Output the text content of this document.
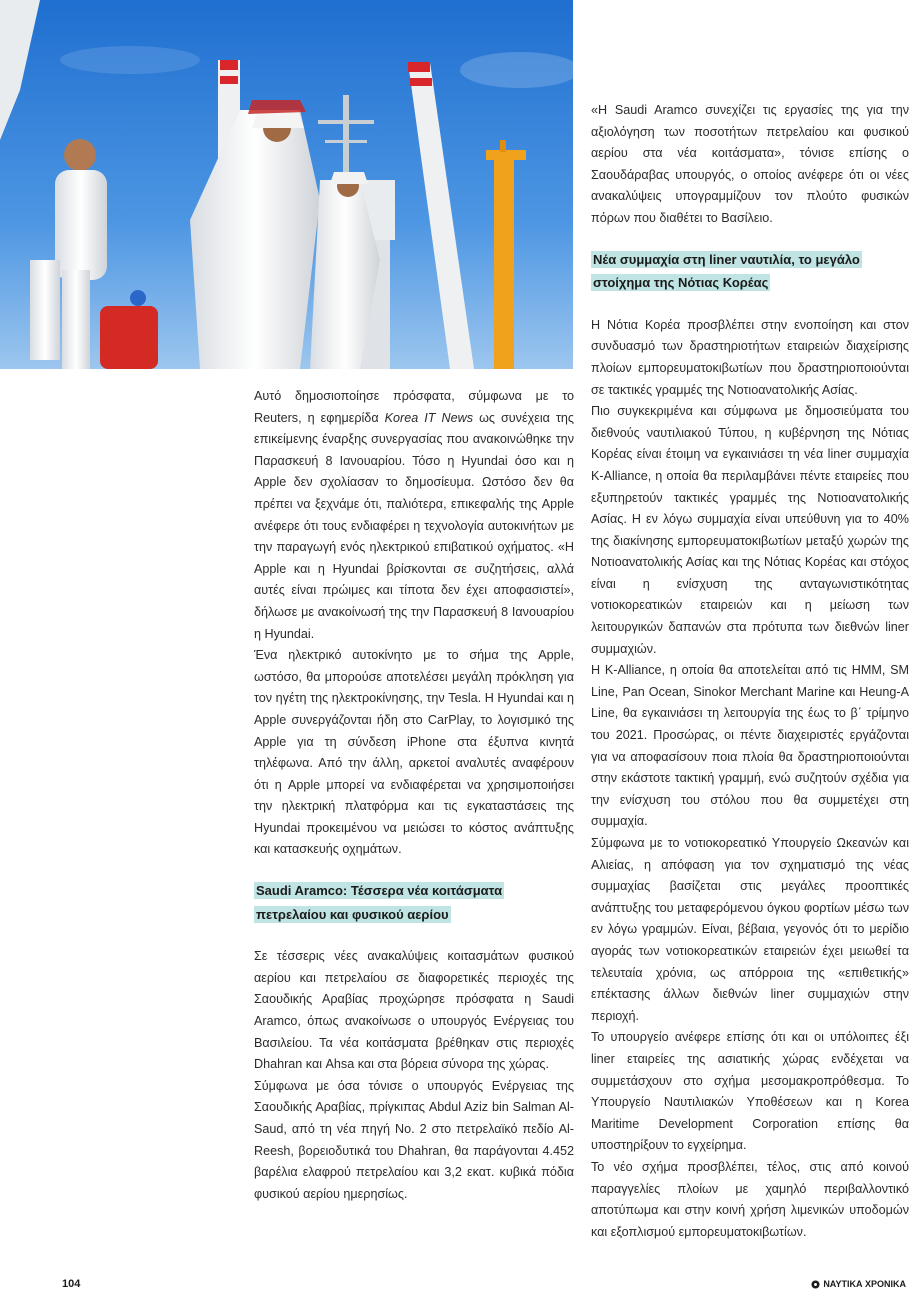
Αυτό δημοσιοποίησε πρόσφατα, σύμφωνα με το Reuters, η εφημερίδα Korea IT News ως συνέχεια της επικείμενης έναρξης συνεργασίας που ανακοινώθηκε την Παρασκευή 8 Ιανουαρίου. Τόσο η Hyundai όσο και η Apple δεν σχολίασαν το δημοσίευμα. Ωστόσο δεν θα πρέπει να ξεχνάμε ότι, παλιότερα, επικεφαλής της Apple ανέφερε ότι τους ενδιαφέρει η τεχνολογία αυτοκινήτων με την παραγωγή ενός ηλεκτρικού επιβατικού οχήματος. «Η Apple και η Hyundai βρίσκονται σε συζητήσεις, αλλά αυτές είναι πρώιμες και τίποτα δεν έχει αποφασιστεί», δήλωσε με ανακοίνωσή της την Παρασκευή 8 Ιανουαρίου η Hyundai.

Ένα ηλεκτρικό αυτοκίνητο με το σήμα της Apple, ωστόσο, θα μπορούσε αποτελέσει μεγάλη πρόκληση για τον ηγέτη της ηλεκτροκίνησης, την Tesla. Η Hyundai και η Apple συνεργάζονται ήδη στο CarPlay, το λογισμικό της Apple για τη σύνδεση iPhone στα έξυπνα κινητά τηλέφωνα. Από την άλλη, αρκετοί αναλυτές αναφέρουν ότι η Apple μπορεί να ενδιαφέρεται να χρησιμοποιήσει την ηλεκτρική πλατφόρμα και τις εγκαταστάσεις της Hyundai προκειμένου να μειώσει το κόστος ανάπτυξης και κατασκευής οχημάτων.

Saudi Aramco: Τέσσερα νέα κοιτάσματα πετρελαίου και φυσικού αερίου

Σε τέσσερις νέες ανακαλύψεις κοιτασμάτων φυσικού αερίου και πετρελαίου σε διαφορετικές περιοχές της Σαουδικής Αραβίας προχώρησε πρόσφατα η Saudi Aramco, όπως ανακοίνωσε ο υπουργός Ενέργειας του Βασιλείου. Τα νέα κοιτάσματα βρέθηκαν στις περιοχές Dhahran και Ahsa και στα βόρεια σύνορα της χώρας.

Σύμφωνα με όσα τόνισε ο υπουργός Ενέργειας της Σαουδικής Αραβίας, πρίγκιπας Abdul Aziz bin Salman Al-Saud, από τη νέα πηγή No. 2 στο πετρελαϊκό πεδίο Al-Reesh, βορειοδυτικά του Dhahran, θα παράγονται 4.452 βαρέλια ελαφρού πετρελαίου και 3,2 εκατ. κυβικά πόδια φυσικού αερίου ημερησίως.

«Η Saudi Aramco συνεχίζει τις εργασίες της για την αξιολόγηση των ποσοτήτων πετρελαίου και φυσικού αερίου στα νέα κοιτάσματα», τόνισε επίσης ο Σαουδάραβας υπουργός, ο οποίος ανέφερε ότι οι νέες ανακαλύψεις υπογραμμίζουν τον πλούτο φυσικών πόρων που διαθέτει το Βασίλειο.

Νέα συμμαχία στη liner ναυτιλία, το μεγάλο στοίχημα της Νότιας Κορέας

Η Νότια Κορέα προσβλέπει στην ενοποίηση και στον συνδυασμό των δραστηριοτήτων εταιρειών διαχείρισης πλοίων εμπορευματοκιβωτίων που δραστηριοποιούνται σε τακτικές γραμμές της Νοτιοανατολικής Ασίας.

Πιο συγκεκριμένα και σύμφωνα με δημοσιεύματα του διεθνούς ναυτιλιακού Τύπου, η κυβέρνηση της Νότιας Κορέας είναι έτοιμη να εγκαινιάσει τη νέα liner συμμαχία K-Alliance, η οποία θα περιλαμβάνει πέντε εταιρείες που εξυπηρετούν τακτικές γραμμές της Νοτιοανατολικής Ασίας. Η εν λόγω συμμαχία είναι υπεύθυνη για το 40% της διακίνησης εμπορευματοκιβωτίων μεταξύ χωρών της Νοτιοανατολικής Ασίας και της Νότιας Κορέας και στόχος είναι η ενίσχυση της ανταγωνιστικότητας νοτιοκορεατικών εταιρειών και η μείωση των λειτουργικών δαπανών στα πρότυπα των διεθνών liner συμμαχιών.

Η K-Alliance, η οποία θα αποτελείται από τις HMM, SM Line, Pan Ocean, Sinokor Merchant Marine και Heung-A Line, θα εγκαινιάσει τη λειτουργία της έως το β΄ τρίμηνο του 2021. Προσώρας, οι πέντε διαχειριστές εργάζονται για να αποφασίσουν ποια πλοία θα δραστηριοποιούνται στην εκάστοτε τακτική γραμμή, ενώ συζητούν σχέδια για την ενίσχυση του στόλου που θα συμμετέχει στη συμμαχία.

Σύμφωνα με το νοτιοκορεατικό Υπουργείο Ωκεανών και Αλιείας, η απόφαση για τον σχηματισμό της νέας συμμαχίας βασίζεται στις μεγάλες προοπτικές ανάπτυξης του μεταφερόμενου όγκου φορτίων μέσω των εν λόγω γραμμών. Είναι, βέβαια, γεγονός ότι το μερίδιο αγοράς των νοτιοκορεατικών εταιρειών έχει μειωθεί τα τελευταία χρόνια, ως απόρροια της «επιθετικής» επέκτασης άλλων διεθνών liner συμμαχιών στην περιοχή.

Το υπουργείο ανέφερε επίσης ότι και οι υπόλοιπες έξι liner εταιρείες της ασιατικής χώρας ενδέχεται να συμμετάσχουν στο σχήμα μεσομακροπρόθεσμα. Το Υπουργείο Ναυτιλιακών Υποθέσεων και η Korea Maritime Development Corporation επίσης θα υποστηρίξουν το εγχείρημα.

Το νέο σχήμα προσβλέπει, τέλος, στις από κοινού παραγγελίες πλοίων με χαμηλό περιβαλλοντικό αποτύπωμα και στην κοινή χρήση λιμενικών υποδομών και εξοπλισμού εμπορευματοκιβωτίων.

104	ΝΑΥΤΙΚΑ ΧΡΟΝΙΚΑ
